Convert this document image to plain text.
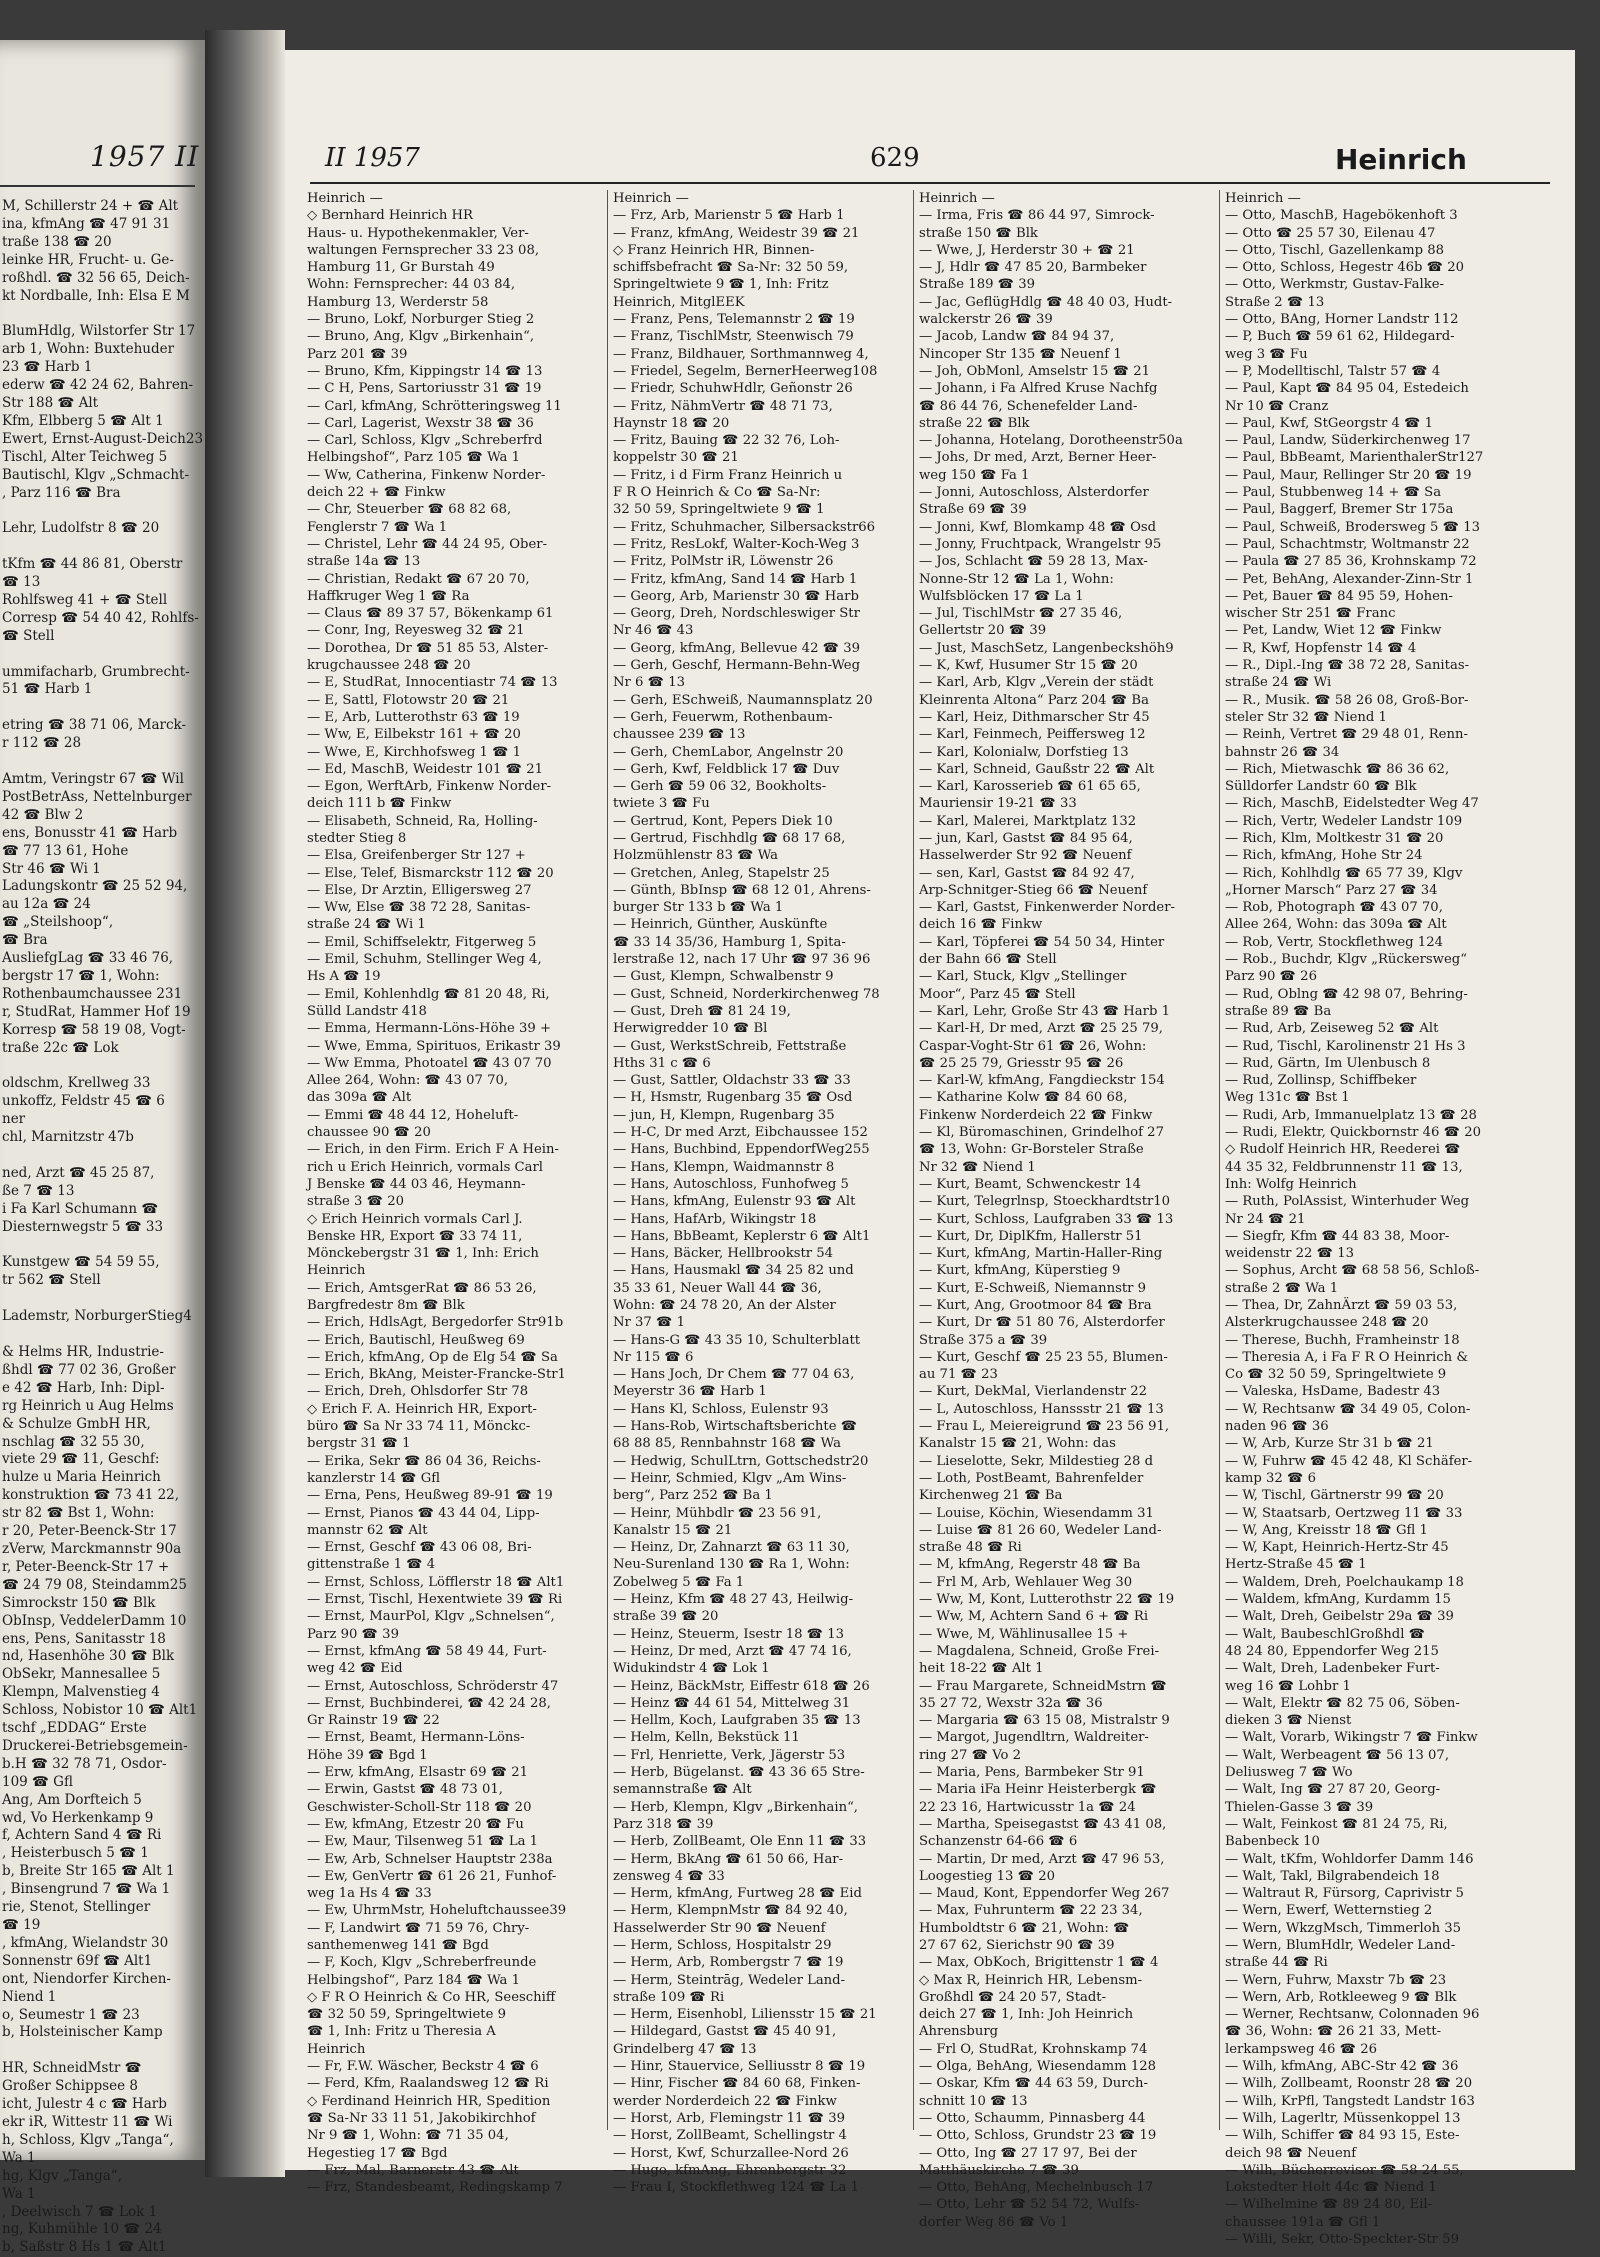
1957 II
M, Schillerstr 24 + ☎ Alt
ina, kfmAng ☎ 47 91 31
traße 138 ☎ 20
leinke HR, Frucht- u. Ge-
roßhdl. ☎ 32 56 65, Deich-
kt Nordballe, Inh: Elsa E M

BlumHdlg, Wilstorfer Str 17
arb 1, Wohn: Buxtehuder
23 ☎ Harb 1
ederw ☎ 42 24 62, Bahren-
Str 188 ☎ Alt
Kfm, Elbberg 5 ☎ Alt 1
Ewert, Ernst-August-Deich23
Tischl, Alter Teichweg 5
Bautischl, Klgv „Schmacht-
, Parz 116 ☎ Bra

Lehr, Ludolfstr 8 ☎ 20

tKfm ☎ 44 86 81, Oberstr
☎ 13
Rohlfsweg 41 + ☎ Stell
Corresp ☎ 54 40 42, Rohlfs-
☎ Stell

ummifacharb, Grumbrecht-
51 ☎ Harb 1

etring ☎ 38 71 06, Marck-
r 112 ☎ 28

Amtm, Veringstr 67 ☎ Wil
PostBetrAss, Nettelnburger
42 ☎ Blw 2
ens, Bonusstr 41 ☎ Harb
☎ 77 13 61, Hohe
Str 46 ☎ Wi 1
Ladungskontr ☎ 25 52 94,
au 12a ☎ 24
☎ „Steilshoop“,
☎ Bra
AusliefgLag ☎ 33 46 76,
bergstr 17 ☎ 1, Wohn:
Rothenbaumchaussee 231
r, StudRat, Hammer Hof 19
Korresp ☎ 58 19 08, Vogt-
traße 22c ☎ Lok

oldschm, Krellweg 33
unkoffz, Feldstr 45 ☎ 6
ner
chl, Marnitzstr 47b

ned, Arzt ☎ 45 25 87,
ße 7 ☎ 13
i Fa Karl Schumann ☎
Diesternwegstr 5 ☎ 33

Kunstgew ☎ 54 59 55,
tr 562 ☎ Stell

Lademstr, NorburgerStieg4

& Helms HR, Industrie-
ßhdl ☎ 77 02 36, Großer
e 42 ☎ Harb, Inh: Dipl-
rg Heinrich u Aug Helms
& Schulze GmbH HR,
nschlag ☎ 32 55 30,
viete 29 ☎ 11, Geschf:
hulze u Maria Heinrich
konstruktion ☎ 73 41 22,
str 82 ☎ Bst 1, Wohn:
r 20, Peter-Beenck-Str 17
zVerw, Marckmannstr 90a
r, Peter-Beenck-Str 17 +
☎ 24 79 08, Steindamm25
Simrockstr 150 ☎ Blk
ObInsp, VeddelerDamm 10
ens, Pens, Sanitasstr 18
nd, Hasenhöhe 30 ☎ Blk
ObSekr, Mannesallee 5
Klempn, Malvenstieg 4
Schloss, Nobistor 10 ☎ Alt1
tschf „EDDAG“ Erste
Druckerei-Betriebsgemein-
b.H ☎ 32 78 71, Osdor-
109 ☎ Gfl
Ang, Am Dorfteich 5
wd, Vo Herkenkamp 9
f, Achtern Sand 4 ☎ Ri
, Heisterbusch 5 ☎ 1
b, Breite Str 165 ☎ Alt 1
, Binsengrund 7 ☎ Wa 1
rie, Stenot, Stellinger
☎ 19
, kfmAng, Wielandstr 30
Sonnenstr 69f ☎ Alt1
ont, Niendorfer Kirchen-
Niend 1
o, Seumestr 1 ☎ 23
b, Holsteinischer Kamp

HR, SchneidMstr ☎
Großer Schippsee 8
icht, Julestr 4 c ☎ Harb
ekr iR, Wittestr 11 ☎ Wi
h, Schloss, Klgv „Tanga“,
Wa 1
hg, Klgv „Tanga“,
Wa 1
, Deelwisch 7 ☎ Lok 1
ng, Kuhmühle 10 ☎ 24
b, Saßstr 8 Hs 1 ☎ Alt1
II 1957	629	Heinrich
Heinrich —
◇ Bernhard Heinrich HR
Haus- u. Hypothekenmakler, Ver-
waltungen Fernsprecher 33 23 08,
Hamburg 11, Gr Burstah 49
Wohn: Fernsprecher: 44 03 84,
Hamburg 13, Werderstr 58
— Bruno, Lokf, Norburger Stieg 2
— Bruno, Ang, Klgv „Birkenhain“,
Parz 201 ☎ 39
— Bruno, Kfm, Kippingstr 14 ☎ 13
— C H, Pens, Sartoriusstr 31 ☎ 19
— Carl, kfmAng, Schrötteringsweg 11
— Carl, Lagerist, Wexstr 38 ☎ 36
— Carl, Schloss, Klgv „Schreberfrd
Helbingshof“, Parz 105 ☎ Wa 1
— Ww, Catherina, Finkenw Norder-
deich 22 + ☎ Finkw
— Chr, Steuerber ☎ 68 82 68,
Fenglerstr 7 ☎ Wa 1
— Christel, Lehr ☎ 44 24 95, Ober-
straße 14a ☎ 13
— Christian, Redakt ☎ 67 20 70,
Haffkruger Weg 1 ☎ Ra
— Claus ☎ 89 37 57, Bökenkamp 61
— Conr, Ing, Reyesweg 32 ☎ 21
— Dorothea, Dr ☎ 51 85 53, Alster-
krugchaussee 248 ☎ 20
— E, StudRat, Innocentiastr 74 ☎ 13
— E, Sattl, Flotowstr 20 ☎ 21
— E, Arb, Lutterothstr 63 ☎ 19
— Ww, E, Eilbekstr 161 + ☎ 20
— Wwe, E, Kirchhofsweg 1 ☎ 1
— Ed, MaschB, Weidestr 101 ☎ 21
— Egon, WerftArb, Finkenw Norder-
deich 111 b ☎ Finkw
— Elisabeth, Schneid, Ra, Holling-
stedter Stieg 8
— Elsa, Greifenberger Str 127 +
— Else, Telef, Bismarckstr 112 ☎ 20
— Else, Dr Arztin, Elligersweg 27
— Ww, Else ☎ 38 72 28, Sanitas-
straße 24 ☎ Wi 1
— Emil, Schiffselektr, Fitgerweg 5
— Emil, Schuhm, Stellinger Weg 4,
Hs A ☎ 19
— Emil, Kohlenhdlg ☎ 81 20 48, Ri,
Sülld Landstr 418
— Emma, Hermann-Löns-Höhe 39 +
— Wwe, Emma, Spirituos, Erikastr 39
— Ww Emma, Photoatel ☎ 43 07 70
Allee 264, Wohn: ☎ 43 07 70,
das 309a ☎ Alt
— Emmi ☎ 48 44 12, Hoheluft-
chaussee 90 ☎ 20
— Erich, in den Firm. Erich F A Hein-
rich u Erich Heinrich, vormals Carl
J Benske ☎ 44 03 46, Heymann-
straße 3 ☎ 20
◇ Erich Heinrich vormals Carl J.
Benske HR, Export ☎ 33 74 11,
Mönckebergstr 31 ☎ 1, Inh: Erich
Heinrich
— Erich, AmtsgerRat ☎ 86 53 26,
Bargfredestr 8m ☎ Blk
— Erich, HdlsAgt, Bergedorfer Str91b
— Erich, Bautischl, Heußweg 69
— Erich, kfmAng, Op de Elg 54 ☎ Sa
— Erich, BkAng, Meister-Francke-Str1
— Erich, Dreh, Ohlsdorfer Str 78
◇ Erich F. A. Heinrich HR, Export-
büro ☎ Sa Nr 33 74 11, Mönckc-
bergstr 31 ☎ 1
— Erika, Sekr ☎ 86 04 36, Reichs-
kanzlerstr 14 ☎ Gfl
— Erna, Pens, Heußweg 89-91 ☎ 19
— Ernst, Pianos ☎ 43 44 04, Lipp-
mannstr 62 ☎ Alt
— Ernst, Geschf ☎ 43 06 08, Bri-
gittenstraße 1 ☎ 4
— Ernst, Schloss, Löfflerstr 18 ☎ Alt1
— Ernst, Tischl, Hexentwiete 39 ☎ Ri
— Ernst, MaurPol, Klgv „Schnelsen“,
Parz 90 ☎ 39
— Ernst, kfmAng ☎ 58 49 44, Furt-
weg 42 ☎ Eid
— Ernst, Autoschloss, Schröderstr 47
— Ernst, Buchbinderei, ☎ 42 24 28,
Gr Rainstr 19 ☎ 22
— Ernst, Beamt, Hermann-Löns-
Höhe 39 ☎ Bgd 1
— Erw, kfmAng, Elsastr 69 ☎ 21
— Erwin, Gastst ☎ 48 73 01,
Geschwister-Scholl-Str 118 ☎ 20
— Ew, kfmAng, Etzestr 20 ☎ Fu
— Ew, Maur, Tilsenweg 51 ☎ La 1
— Ew, Arb, Schnelser Hauptstr 238a
— Ew, GenVertr ☎ 61 26 21, Funhof-
weg 1a Hs 4 ☎ 33
— Ew, UhrmMstr, Hoheluftchaussee39
— F, Landwirt ☎ 71 59 76, Chry-
santhemenweg 141 ☎ Bgd
— F, Koch, Klgv „Schreberfreunde
Helbingshof“, Parz 184 ☎ Wa 1
◇ F R O Heinrich & Co HR, Seeschiff
☎ 32 50 59, Springeltwiete 9
☎ 1, Inh: Fritz u Theresia A
Heinrich
— Fr, F.W. Wäscher, Beckstr 4 ☎ 6
— Ferd, Kfm, Raalandsweg 12 ☎ Ri
◇ Ferdinand Heinrich HR, Spedition
☎ Sa-Nr 33 11 51, Jakobikirchhof
Nr 9 ☎ 1, Wohn: ☎ 71 35 04,
Hegestieg 17 ☎ Bgd
— Frz, Mal, Barnerstr 43 ☎ Alt
— Frz, Standesbeamt, Redingskamp 7
Heinrich —
— Frz, Arb, Marienstr 5 ☎ Harb 1
— Franz, kfmAng, Weidestr 39 ☎ 21
◇ Franz Heinrich HR, Binnen-
schiffsbefracht ☎ Sa-Nr: 32 50 59,
Springeltwiete 9 ☎ 1, Inh: Fritz
Heinrich, MitglEEK
— Franz, Pens, Telemannstr 2 ☎ 19
— Franz, TischlMstr, Steenwisch 79
— Franz, Bildhauer, Sorthmannweg 4,
— Friedel, Segelm, BernerHeerweg108
— Friedr, SchuhwHdlr, Geñonstr 26
— Fritz, NähmVertr ☎ 48 71 73,
Haynstr 18 ☎ 20
— Fritz, Bauing ☎ 22 32 76, Loh-
koppelstr 30 ☎ 21
— Fritz, i d Firm Franz Heinrich u
F R O Heinrich & Co ☎ Sa-Nr:
32 50 59, Springeltwiete 9 ☎ 1
— Fritz, Schuhmacher, Silbersackstr66
— Fritz, ResLokf, Walter-Koch-Weg 3
— Fritz, PolMstr iR, Löwenstr 26
— Fritz, kfmAng, Sand 14 ☎ Harb 1
— Georg, Arb, Marienstr 30 ☎ Harb
— Georg, Dreh, Nordschleswiger Str
Nr 46 ☎ 43
— Georg, kfmAng, Bellevue 42 ☎ 39
— Gerh, Geschf, Hermann-Behn-Weg
Nr 6 ☎ 13
— Gerh, ESchweiß, Naumannsplatz 20
— Gerh, Feuerwm, Rothenbaum-
chaussee 239 ☎ 13
— Gerh, ChemLabor, Angelnstr 20
— Gerh, Kwf, Feldblick 17 ☎ Duv
— Gerh ☎ 59 06 32, Bookholts-
twiete 3 ☎ Fu
— Gertrud, Kont, Pepers Diek 10
— Gertrud, Fischhdlg ☎ 68 17 68,
Holzmühlenstr 83 ☎ Wa
— Gretchen, Anleg, Stapelstr 25
— Günth, BbInsp ☎ 68 12 01, Ahrens-
burger Str 133 b ☎ Wa 1
— Heinrich, Günther, Auskünfte
☎ 33 14 35/36, Hamburg 1, Spita-
lerstraße 12, nach 17 Uhr ☎ 97 36 96
— Gust, Klempn, Schwalbenstr 9
— Gust, Schneid, Norderkirchenweg 78
— Gust, Dreh ☎ 81 24 19,
Herwigredder 10 ☎ Bl
— Gust, WerkstSchreib, Fettstraße
Hths 31 c ☎ 6
— Gust, Sattler, Oldachstr 33 ☎ 33
— H, Hsmstr, Rugenbarg 35 ☎ Osd
— jun, H, Klempn, Rugenbarg 35
— H-C, Dr med Arzt, Eibchaussee 152
— Hans, Buchbind, EppendorfWeg255
— Hans, Klempn, Waidmannstr 8
— Hans, Autoschloss, Funhofweg 5
— Hans, kfmAng, Eulenstr 93 ☎ Alt
— Hans, HafArb, Wikingstr 18
— Hans, BbBeamt, Keplerstr 6 ☎ Alt1
— Hans, Bäcker, Hellbrookstr 54
— Hans, Hausmakl ☎ 34 25 82 und
35 33 61, Neuer Wall 44 ☎ 36,
Wohn: ☎ 24 78 20, An der Alster
Nr 37 ☎ 1
— Hans-G ☎ 43 35 10, Schulterblatt
Nr 115 ☎ 6
— Hans Joch, Dr Chem ☎ 77 04 63,
Meyerstr 36 ☎ Harb 1
— Hans Kl, Schloss, Eulenstr 93
— Hans-Rob, Wirtschaftsberichte ☎
68 88 85, Rennbahnstr 168 ☎ Wa
— Hedwig, SchulLtrn, Gottschedstr20
— Heinr, Schmied, Klgv „Am Wins-
berg“, Parz 252 ☎ Ba 1
— Heinr, Mühbdlr ☎ 23 56 91,
Kanalstr 15 ☎ 21
— Heinz, Dr, Zahnarzt ☎ 63 11 30,
Neu-Surenland 130 ☎ Ra 1, Wohn:
Zobelweg 5 ☎ Fa 1
— Heinz, Kfm ☎ 48 27 43, Heilwig-
straße 39 ☎ 20
— Heinz, Steuerm, Isestr 18 ☎ 13
— Heinz, Dr med, Arzt ☎ 47 74 16,
Widukindstr 4 ☎ Lok 1
— Heinz, BäckMstr, Eiffestr 618 ☎ 26
— Heinz ☎ 44 61 54, Mittelweg 31
— Hellm, Koch, Laufgraben 35 ☎ 13
— Helm, Kelln, Bekstück 11
— Frl, Henriette, Verk, Jägerstr 53
— Herb, Bügelanst. ☎ 43 36 65 Stre-
semannstraße ☎ Alt
— Herb, Klempn, Klgv „Birkenhain“,
Parz 318 ☎ 39
— Herb, ZollBeamt, Ole Enn 11 ☎ 33
— Herm, BkAng ☎ 61 50 66, Har-
zensweg 4 ☎ 33
— Herm, kfmAng, Furtweg 28 ☎ Eid
— Herm, KlempnMstr ☎ 84 92 40,
Hasselwerder Str 90 ☎ Neuenf
— Herm, Schloss, Hospitalstr 29
— Herm, Arb, Rombergstr 7 ☎ 19
— Herm, Steintrāg, Wedeler Land-
straße 109 ☎ Ri
— Herm, Eisenhobl, Liliensstr 15 ☎ 21
— Hildegard, Gastst ☎ 45 40 91,
Grindelberg 47 ☎ 13
— Hinr, Stauervice, Selliusstr 8 ☎ 19
— Hinr, Fischer ☎ 84 60 68, Finken-
werder Norderdeich 22 ☎ Finkw
— Horst, Arb, Flemingstr 11 ☎ 39
— Horst, ZollBeamt, Schellingstr 4
— Horst, Kwf, Schurzallee-Nord 26
— Hugo, kfmAng, Ehrenbergstr 32
— Frau I, Stockflethweg 124 ☎ La 1
Heinrich —
— Irma, Fris ☎ 86 44 97, Simrock-
straße 150 ☎ Blk
— Wwe, J, Herderstr 30 + ☎ 21
— J, Hdlr ☎ 47 85 20, Barmbeker
Straße 189 ☎ 39
— Jac, GeflügHdlg ☎ 48 40 03, Hudt-
walckerstr 26 ☎ 39
— Jacob, Landw ☎ 84 94 37,
Nincoper Str 135 ☎ Neuenf 1
— Joh, ObMonl, Amselstr 15 ☎ 21
— Johann, i Fa Alfred Kruse Nachfg
☎ 86 44 76, Schenefelder Land-
straße 22 ☎ Blk
— Johanna, Hotelang, Dorotheenstr50a
— Johs, Dr med, Arzt, Berner Heer-
weg 150 ☎ Fa 1
— Jonni, Autoschloss, Alsterdorfer
Straße 69 ☎ 39
— Jonni, Kwf, Blomkamp 48 ☎ Osd
— Jonny, Fruchtpack, Wrangelstr 95
— Jos, Schlacht ☎ 59 28 13, Max-
Nonne-Str 12 ☎ La 1, Wohn:
Wulfsblöcken 17 ☎ La 1
— Jul, TischlMstr ☎ 27 35 46,
Gellertstr 20 ☎ 39
— Just, MaschSetz, Langenbeckshöh9
— K, Kwf, Husumer Str 15 ☎ 20
— Karl, Arb, Klgv „Verein der städt
Kleinrenta Altona“ Parz 204 ☎ Ba
— Karl, Heiz, Dithmarscher Str 45
— Karl, Feinmech, Peiffersweg 12
— Karl, Kolonialw, Dorfstieg 13
— Karl, Schneid, Gaußstr 22 ☎ Alt
— Karl, Karosserieb ☎ 61 65 65,
Mauriensir 19-21 ☎ 33
— Karl, Malerei, Marktplatz 132
— jun, Karl, Gastst ☎ 84 95 64,
Hasselwerder Str 92 ☎ Neuenf
— sen, Karl, Gastst ☎ 84 92 47,
Arp-Schnitger-Stieg 66 ☎ Neuenf
— Karl, Gastst, Finkenwerder Norder-
deich 16 ☎ Finkw
— Karl, Töpferei ☎ 54 50 34, Hinter
der Bahn 66 ☎ Stell
— Karl, Stuck, Klgv „Stellinger
Moor“, Parz 45 ☎ Stell
— Karl, Lehr, Große Str 43 ☎ Harb 1
— Karl-H, Dr med, Arzt ☎ 25 25 79,
Caspar-Voght-Str 61 ☎ 26, Wohn:
☎ 25 25 79, Griesstr 95 ☎ 26
— Karl-W, kfmAng, Fangdieckstr 154
— Katharine Kolw ☎ 84 60 68,
Finkenw Norderdeich 22 ☎ Finkw
— Kl, Büromaschinen, Grindelhof 27
☎ 13, Wohn: Gr-Borsteler Straße
Nr 32 ☎ Niend 1
— Kurt, Beamt, Schwenckestr 14
— Kurt, Telegrlnsp, Stoeckhardtstr10
— Kurt, Schloss, Laufgraben 33 ☎ 13
— Kurt, Dr, DiplKfm, Hallerstr 51
— Kurt, kfmAng, Martin-Haller-Ring
— Kurt, kfmAng, Küperstieg 9
— Kurt, E-Schweiß, Niemannstr 9
— Kurt, Ang, Grootmoor 84 ☎ Bra
— Kurt, Dr ☎ 51 80 76, Alsterdorfer
Straße 375 a ☎ 39
— Kurt, Geschf ☎ 25 23 55, Blumen-
au 71 ☎ 23
— Kurt, DekMal, Vierlandenstr 22
— L, Autoschloss, Hanssstr 21 ☎ 13
— Frau L, Meiereigrund ☎ 23 56 91,
Kanalstr 15 ☎ 21, Wohn: das
— Lieselotte, Sekr, Mildestieg 28 d
— Loth, PostBeamt, Bahrenfelder
Kirchenweg 21 ☎ Ba
— Louise, Köchin, Wiesendamm 31
— Luise ☎ 81 26 60, Wedeler Land-
straße 48 ☎ Ri
— M, kfmAng, Regerstr 48 ☎ Ba
— Frl M, Arb, Wehlauer Weg 30
— Ww, M, Kont, Lutterothstr 22 ☎ 19
— Ww, M, Achtern Sand 6 + ☎ Ri
— Wwe, M, Wählinusallee 15 +
— Magdalena, Schneid, Große Frei-
heit 18-22 ☎ Alt 1
— Frau Margarete, SchneidMstrn ☎
35 27 72, Wexstr 32a ☎ 36
— Margaria ☎ 63 15 08, Mistralstr 9
— Margot, Jugendltrn, Waldreiter-
ring 27 ☎ Vo 2
— Maria, Pens, Barmbeker Str 91
— Maria iFa Heinr Heisterbergk ☎
22 23 16, Hartwicusstr 1a ☎ 24
— Martha, Speisegastst ☎ 43 41 08,
Schanzenstr 64-66 ☎ 6
— Martin, Dr med, Arzt ☎ 47 96 53,
Loogestieg 13 ☎ 20
— Maud, Kont, Eppendorfer Weg 267
— Max, Fuhrunterm ☎ 22 23 34,
Humboldtstr 6 ☎ 21, Wohn: ☎
27 67 62, Sierichstr 90 ☎ 39
— Max, ObKoch, Brigittenstr 1 ☎ 4
◇ Max R, Heinrich HR, Lebensm-
Großhdl ☎ 24 20 57, Stadt-
deich 27 ☎ 1, Inh: Joh Heinrich
Ahrensburg
— Frl O, StudRat, Krohnskamp 74
— Olga, BehAng, Wiesendamm 128
— Oskar, Kfm ☎ 44 63 59, Durch-
schnitt 10 ☎ 13
— Otto, Schaumm, Pinnasberg 44
— Otto, Schloss, Grundstr 23 ☎ 19
— Otto, Ing ☎ 27 17 97, Bei der
Matthäuskirche 7 ☎ 39
— Otto, BehAng, Mechelnbusch 17
— Otto, Lehr ☎ 52 54 72, Wulfs-
dorfer Weg 86 ☎ Vo 1
Heinrich —
— Otto, MaschB, Hagebökenhoft 3
— Otto ☎ 25 57 30, Eilenau 47
— Otto, Tischl, Gazellenkamp 88
— Otto, Schloss, Hegestr 46b ☎ 20
— Otto, Werkmstr, Gustav-Falke-
Straße 2 ☎ 13
— Otto, BAng, Horner Landstr 112
— P, Buch ☎ 59 61 62, Hildegard-
weg 3 ☎ Fu
— P, Modelltischl, Talstr 57 ☎ 4
— Paul, Kapt ☎ 84 95 04, Estedeich
Nr 10 ☎ Cranz
— Paul, Kwf, StGeorgstr 4 ☎ 1
— Paul, Landw, Süderkirchenweg 17
— Paul, BbBeamt, MarienthalerStr127
— Paul, Maur, Rellinger Str 20 ☎ 19
— Paul, Stubbenweg 14 + ☎ Sa
— Paul, Baggerf, Bremer Str 175a
— Paul, Schweiß, Brodersweg 5 ☎ 13
— Paul, Schachtmstr, Woltmanstr 22
— Paula ☎ 27 85 36, Krohnskamp 72
— Pet, BehAng, Alexander-Zinn-Str 1
— Pet, Bauer ☎ 84 95 59, Hohen-
wischer Str 251 ☎ Franc
— Pet, Landw, Wiet 12 ☎ Finkw
— R, Kwf, Hopfenstr 14 ☎ 4
— R., Dipl.-Ing ☎ 38 72 28, Sanitas-
straße 24 ☎ Wi
— R., Musik. ☎ 58 26 08, Groß-Bor-
steler Str 32 ☎ Niend 1
— Reinh, Vertret ☎ 29 48 01, Renn-
bahnstr 26 ☎ 34
— Rich, Mietwaschk ☎ 86 36 62,
Sülldorfer Landstr 60 ☎ Blk
— Rich, MaschB, Eidelstedter Weg 47
— Rich, Vertr, Wedeler Landstr 109
— Rich, Klm, Moltkestr 31 ☎ 20
— Rich, kfmAng, Hohe Str 24
— Rich, Kohlhdlg ☎ 65 77 39, Klgv
„Horner Marsch“ Parz 27 ☎ 34
— Rob, Photograph ☎ 43 07 70,
Allee 264, Wohn: das 309a ☎ Alt
— Rob, Vertr, Stockflethweg 124
— Rob., Buchdr, Klgv „Rückersweg“
Parz 90 ☎ 26
— Rud, Oblng ☎ 42 98 07, Behring-
straße 89 ☎ Ba
— Rud, Arb, Zeiseweg 52 ☎ Alt
— Rud, Tischl, Karolinenstr 21 Hs 3
— Rud, Gärtn, Im Ulenbusch 8
— Rud, Zollinsp, Schiffbeker
Weg 131c ☎ Bst 1
— Rudi, Arb, Immanuelplatz 13 ☎ 28
— Rudi, Elektr, Quickbornstr 46 ☎ 20
◇ Rudolf Heinrich HR, Reederei ☎
44 35 32, Feldbrunnenstr 11 ☎ 13,
Inh: Wolfg Heinrich
— Ruth, PolAssist, Winterhuder Weg
Nr 24 ☎ 21
— Siegfr, Kfm ☎ 44 83 38, Moor-
weidenstr 22 ☎ 13
— Sophus, Archt ☎ 68 58 56, Schloß-
straße 2 ☎ Wa 1
— Thea, Dr, ZahnÄrzt ☎ 59 03 53,
Alsterkrugchaussee 248 ☎ 20
— Therese, Buchh, Framheinstr 18
— Theresia A, i Fa F R O Heinrich &
Co ☎ 32 50 59, Springeltwiete 9
— Valeska, HsDame, Badestr 43
— W, Rechtsanw ☎ 34 49 05, Colon-
naden 96 ☎ 36
— W, Arb, Kurze Str 31 b ☎ 21
— W, Fuhrw ☎ 45 42 48, Kl Schäfer-
kamp 32 ☎ 6
— W, Tischl, Gärtnerstr 99 ☎ 20
— W, Staatsarb, Oertzweg 11 ☎ 33
— W, Ang, Kreisstr 18 ☎ Gfl 1
— W, Kapt, Heinrich-Hertz-Str 45
Hertz-Straße 45 ☎ 1
— Waldem, Dreh, Poelchaukamp 18
— Waldem, kfmAng, Kurdamm 15
— Walt, Dreh, Geibelstr 29a ☎ 39
— Walt, BaubeschlGroßhdl ☎
48 24 80, Eppendorfer Weg 215
— Walt, Dreh, Ladenbeker Furt-
weg 16 ☎ Lohbr 1
— Walt, Elektr ☎ 82 75 06, Söben-
dieken 3 ☎ Nienst
— Walt, Vorarb, Wikingstr 7 ☎ Finkw
— Walt, Werbeagent ☎ 56 13 07,
Deliusweg 7 ☎ Wo
— Walt, Ing ☎ 27 87 20, Georg-
Thielen-Gasse 3 ☎ 39
— Walt, Feinkost ☎ 81 24 75, Ri,
Babenbeck 10
— Walt, tKfm, Wohldorfer Damm 146
— Walt, Takl, Bilgrabendeich 18
— Waltraut R, Fürsorg, Caprivistr 5
— Wern, Ewerf, Wetternstieg 2
— Wern, WkzgMsch, Timmerloh 35
— Wern, BlumHdlr, Wedeler Land-
straße 44 ☎ Ri
— Wern, Fuhrw, Maxstr 7b ☎ 23
— Wern, Arb, Rotkleeweg 9 ☎ Blk
— Werner, Rechtsanw, Colonnaden 96
☎ 36, Wohn: ☎ 26 21 33, Mett-
lerkampsweg 46 ☎ 26
— Wilh, kfmAng, ABC-Str 42 ☎ 36
— Wilh, Zollbeamt, Roonstr 28 ☎ 20
— Wilh, KrPfl, Tangstedt Landstr 163
— Wilh, Lagerltr, Müssenkoppel 13
— Wilh, Schiffer ☎ 84 93 15, Este-
deich 98 ☎ Neuenf
— Wilh, Bücherrevisor ☎ 58 24 55,
Lokstedter Holt 44c ☎ Niend 1
— Wilhelmine ☎ 89 24 80, Eil-
chaussee 191a ☎ Gfl 1
— Willi, Sekr, Otto-Speckter-Str 59
